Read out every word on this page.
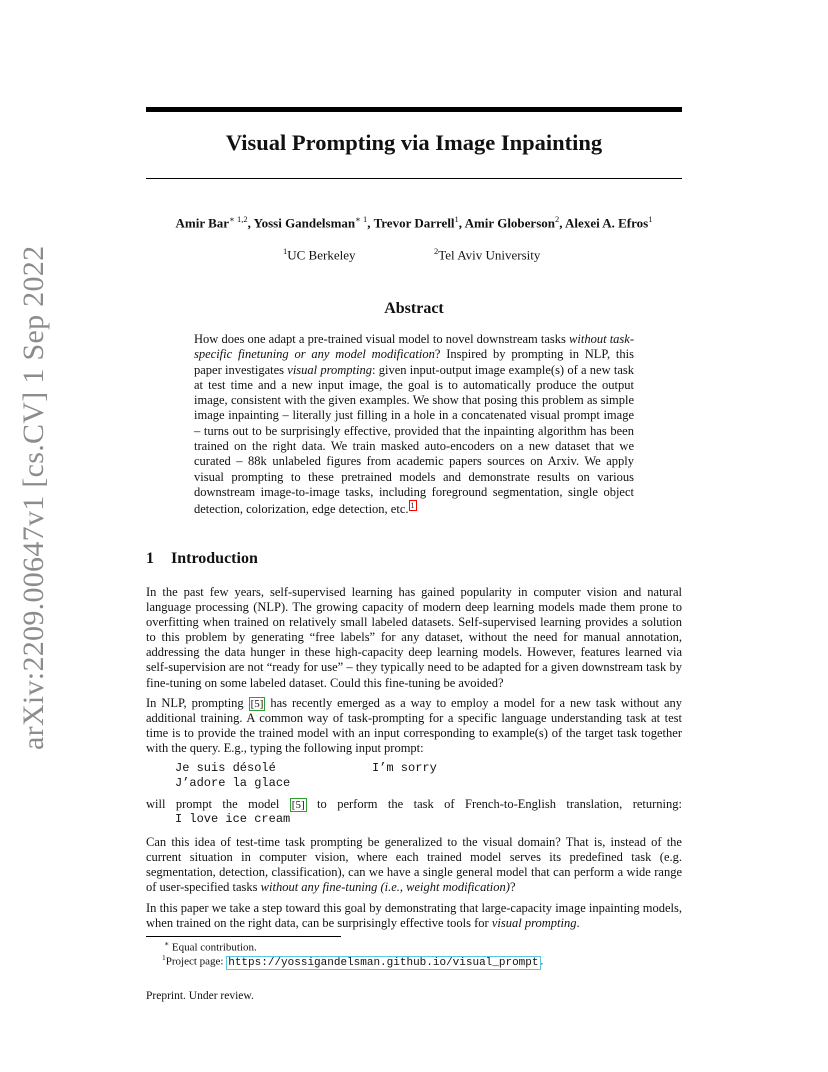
arXiv:2209.00647v1 [cs.CV] 1 Sep 2022
Visual Prompting via Image Inpainting
Amir Bar$^{∗ 1,2}$, Yossi Gandelsman$^{∗ 1}$, Trevor Darrell$^1$, Amir Globerson$^2$, Alexei A. Efros$^1$
$^1$UC Berkeley	$^2$Tel Aviv University
Abstract
How does one adapt a pre-trained visual model to novel downstream tasks without task-specific finetuning or any model modification? Inspired by prompting in NLP, this paper investigates visual prompting: given input-output image example(s) of a new task at test time and a new input image, the goal is to automatically produce the output image, consistent with the given examples. We show that posing this problem as simple image inpainting – literally just filling in a hole in a concatenated visual prompt image – turns out to be surprisingly effective, provided that the inpainting algorithm has been trained on the right data. We train masked auto-encoders on a new dataset that we curated – 88k unlabeled figures from academic papers sources on Arxiv. We apply visual prompting to these pretrained models and demonstrate results on various downstream image-to-image tasks, including foreground segmentation, single object detection, colorization, edge detection, etc. 1
1 Introduction
In the past few years, self-supervised learning has gained popularity in computer vision and natural language processing (NLP). The growing capacity of modern deep learning models made them prone to overfitting when trained on relatively small labeled datasets. Self-supervised learning provides a solution to this problem by generating “free labels” for any dataset, without the need for manual annotation, addressing the data hunger in these high-capacity deep learning models. However, features learned via self-supervision are not “ready for use” – they typically need to be adapted for a given downstream task by fine-tuning on some labeled dataset. Could this fine-tuning be avoided?
In NLP, prompting [5] has recently emerged as a way to employ a model for a new task without any additional training. A common way of task-prompting for a specific language understanding task at test time is to provide the trained model with an input corresponding to example(s) of the target task together with the query. E.g., typing the following input prompt:
Je suis désolé	I’m sorry
J’adore la glace
will prompt the model [5] to perform the task of French-to-English translation, returning:
I love ice cream
Can this idea of test-time task prompting be generalized to the visual domain? That is, instead of the current situation in computer vision, where each trained model serves its predefined task (e.g. segmentation, detection, classification), can we have a single general model that can perform a wide range of user-specified tasks without any fine-tuning (i.e., weight modification)?
In this paper we take a step toward this goal by demonstrating that large-capacity image inpainting models, when trained on the right data, can be surprisingly effective tools for visual prompting.
∗ Equal contribution.
$^1$Project page: https://yossigandelsman.github.io/visual_prompt .
Preprint. Under review.
